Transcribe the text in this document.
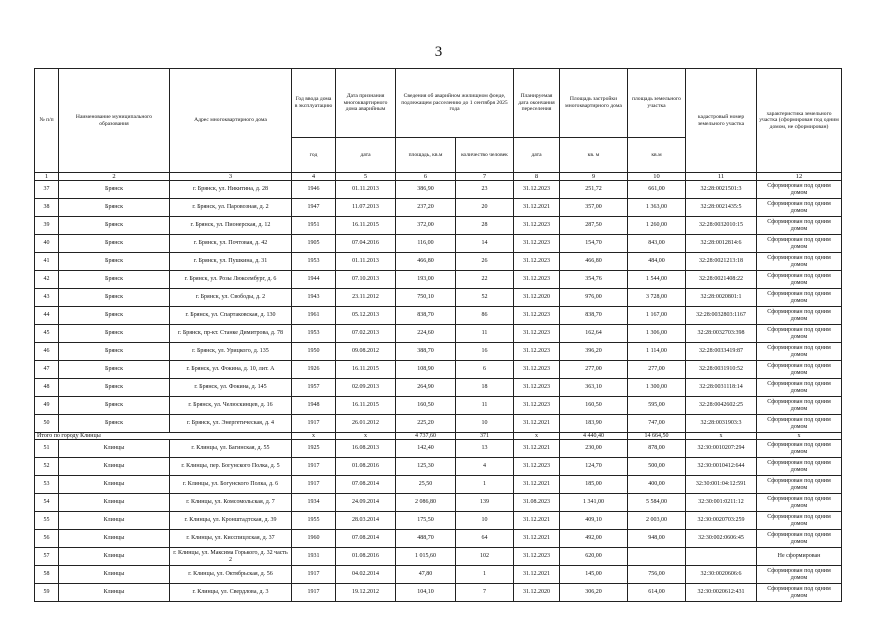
3
№ п/п	Наименование муниципального образования	Адрес многоквартирного дома	Год ввода дома в эксплуатацию	Дата признания многоквартирного дома аварийным	Сведения об аварийном жилищном фонде, подлежащем расселению до 1 сентября 2025 года		Планируемая дата окончания переселения	Площадь застройки многоквартирного дома	площадь земельного участка	кадастровый номер земельного участка	характеристика земельного участка (сформирован под одним домом, не сформирован)
			год	дата	площадь, кв.м	количество человек	дата	кв. м	кв.м		
1	2	3	4	5	6	7	8	9	10	11	12
37	Брянск	г. Брянск, ул. Никитина, д. 28	1946	01.11.2013	386,90	23	31.12.2023	251,72	661,00	32:28:0021501:3	Сформирован под одним домом
38	Брянск	г. Брянск, ул. Паровозная, д. 2	1947	11.07.2013	237,20	20	31.12.2021	357,00	1 363,00	32:28:0021435:5	Сформирован под одним домом
39	Брянск	г. Брянск, ул. Пионерская, д. 12	1951	16.11.2015	372,00	28	31.12.2023	287,50	1 260,00	32:28:0032010:15	Сформирован под одним домом
40	Брянск	г. Брянск, ул. Почтовая, д. 42	1905	07.04.2016	116,00	14	31.12.2023	154,70	843,00	32:28:0012814:6	Сформирован под одним домом
41	Брянск	г. Брянск, ул. Пушкина, д. 31	1953	01.11.2013	466,80	26	31.12.2023	466,80	484,00	32:28:0021213:18	Сформирован под одним домом
42	Брянск	г. Брянск, ул. Розы Люксембург, д. 6	1944	07.10.2013	193,00	22	31.12.2023	354,76	1 544,00	32:28:0021408:22	Сформирован под одним домом
43	Брянск	г. Брянск, ул. Свободы, д. 2	1943	23.11.2012	750,10	52	31.12.2020	976,00	3 728,00	32:28:0020801:1	Сформирован под одним домом
44	Брянск	г. Брянск, ул. Спартаковская, д. 130	1961	05.12.2013	838,70	86	31.12.2023	838,70	1 167,00	32:28:0032803:1167	Сформирован под одним домом
45	Брянск	г. Брянск, пр-кт. Станке Димитрова, д. 78	1953	07.02.2013	224,60	11	31.12.2023	162,64	1 306,00	32:28:0032703:398	Сформирован под одним домом
46	Брянск	г. Брянск, ул. Урицкого, д. 135	1950	09.08.2012	388,70	16	31.12.2023	396,20	1 114,00	32:28:0033419:87	Сформирован под одним домом
47	Брянск	г. Брянск, ул. Фокина, д. 10, лит. А	1926	16.11.2015	108,90	6	31.12.2023	277,00	277,00	32:28:0031910:52	Сформирован под одним домом
48	Брянск	г. Брянск, ул. Фокина, д. 145	1957	02.09.2013	264,90	18	31.12.2023	363,10	1 300,00	32:28:0031118:14	Сформирован под одним домом
49	Брянск	г. Брянск, ул. Челюскинцев, д. 16	1948	16.11.2015	160,50	11	31.12.2023	160,50	595,00	32:28:0042602:25	Сформирован под одним домом
50	Брянск	г. Брянск, ул. Энергетическая, д. 4	1917	26.01.2012	225,20	10	31.12.2021	183,90	747,00	32:28:0031903:3	Сформирован под одним домом
Итого по городу Клинцы			x	x	4 737,60	371	x	4 440,40	14 664,50	x	x
51	Клинцы	г. Клинцы, ул. Багинская, д. 55	1925	16.08.2013	142,40	13	31.12.2021	230,00	878,00	32:30:0010207:294	Сформирован под одним домом
52	Клинцы	г. Клинцы, пер. Богунского Полка, д. 5	1917	01.08.2016	125,30	4	31.12.2023	124,70	500,00	32:30:0010412:644	Сформирован под одним домом
53	Клинцы	г. Клинцы, ул. Богунского Полка, д. 6	1917	07.08.2014	25,50	1	31.12.2021	185,00	400,00	32:30:001:04:12:591	Сформирован под одним домом
54	Клинцы	г. Клинцы, ул. Комсомольская, д. 7	1934	24.09.2014	2 086,80	139	31.08.2023	1 341,00	5 584,00	32:30:001:0211:12	Сформирован под одним домом
55	Клинцы	г. Клинцы, ул. Кронштадтская, д. 39	1955	28.03.2014	175,50	10	31.12.2021	409,10	2 003,00	32:30:0020703:259	Сформирован под одним домом
56	Клинцы	г. Клинцы, ул. Кисспицлская, д. 37	1960	07.08.2014	488,70	64	31.12.2021	492,00	948,00	32:30:002:0606:45	Сформирован под одним домом
57	Клинцы	г. Клинцы, ул. Максима Горького, д. 32 часть 2	1931	01.08.2016	1 015,60	102	31.12.2023	620,00			Не сформирован
58	Клинцы	г. Клинцы, ул. Октябрьская, д. 56	1917	04.02.2014	47,80	1	31.12.2021	145,00	756,00	32:30:0020606:6	Сформирован под одним домом
59	Клинцы	г. Клинцы, ул. Свердлова, д. 3	1917	19.12.2012	104,10	7	31.12.2020	306,20	614,00	32:30:0020612:431	Сформирован под одним домом
